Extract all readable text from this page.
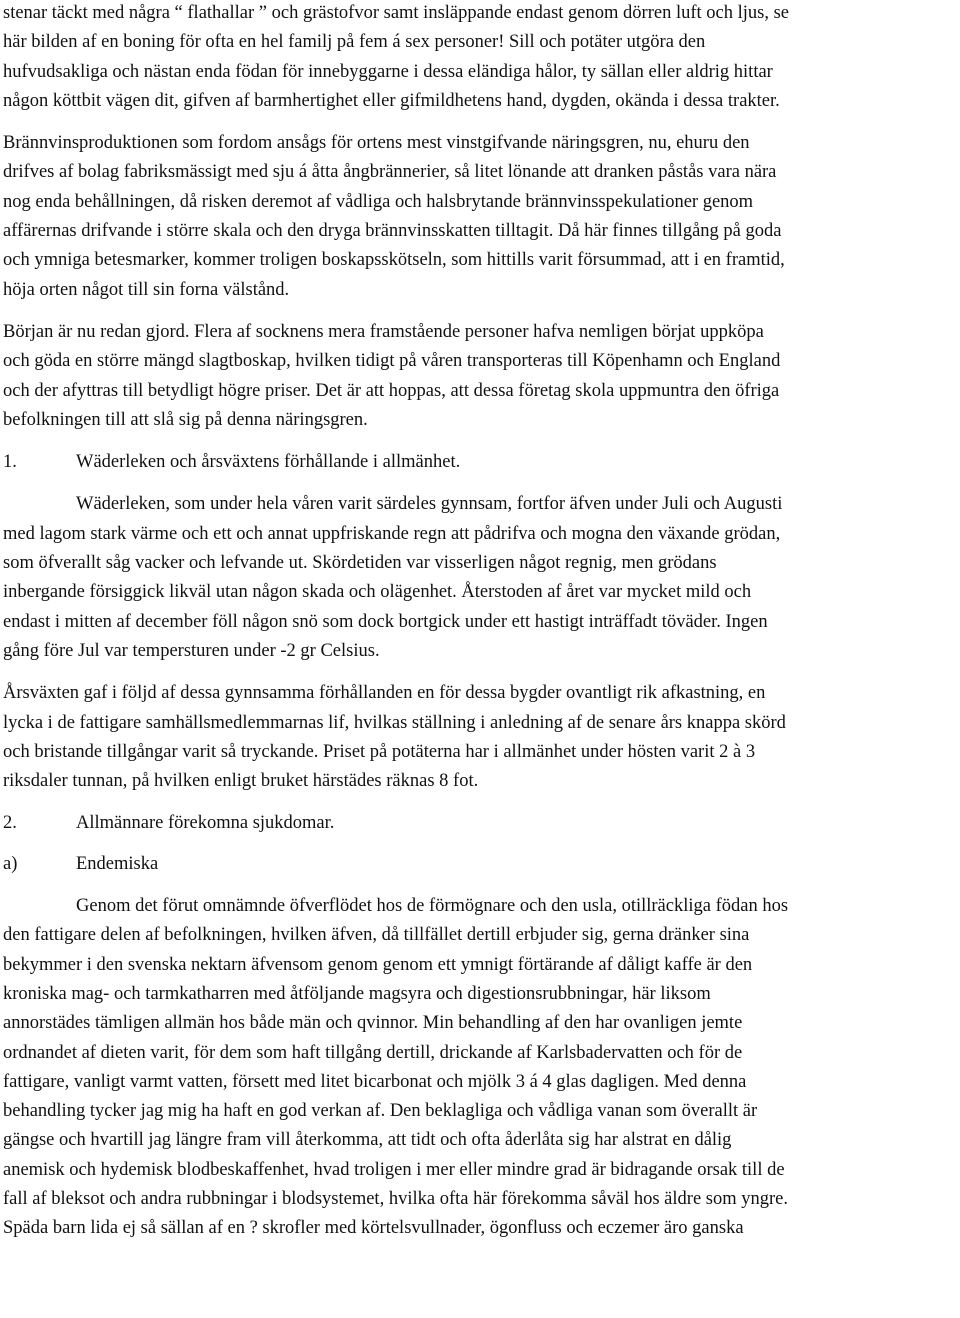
stenar täckt med några “ flathallar ” och grästofvor samt insläppande endast genom dörren luft och ljus, se
här bilden af en boning för ofta en hel familj på fem á sex personer! Sill och potäter utgöra den
hufvudsakliga och nästan enda födan för innebyggarne i dessa eländiga hålor, ty sällan eller aldrig hittar
någon köttbit vägen dit, gifven af barmhertighet eller gifmildhetens hand, dygden, okända i dessa trakter.
Brännvinsproduktionen som fordom ansågs för ortens mest vinstgifvande näringsgren, nu, ehuru den
drifves af bolag fabriksmässigt med sju á åtta ångbrännerier, så litet lönande att dranken påstås vara nära
nog enda behållningen, då risken deremot af vådliga och halsbrytande brännvinsspekulationer genom
affärernas drifvande i större skala och den dryga brännvinsskatten tilltagit. Då här finnes tillgång på goda
och ymniga betesmarker, kommer troligen boskapsskötseln, som hittills varit försummad, att i en framtid,
höja orten något till sin forna välstånd.
Början är nu redan gjord. Flera af socknens mera framstående personer hafva nemligen börjat uppköpa
och göda en större mängd slagtboskap, hvilken tidigt på våren transporteras till Köpenhamn och England
och der afyttras till betydligt högre priser. Det är att hoppas, att dessa företag skola uppmuntra den öfriga
befolkningen till att slå sig på denna näringsgren.
1.	Wäderleken och årsväxtens förhållande i allmänhet.
Wäderleken, som under hela våren varit särdeles gynnsam, fortfor äfven under Juli och Augusti
med lagom stark värme och ett och annat uppfriskande regn att pådrifva och mogna den växande grödan,
som öfverallt såg vacker och lefvande ut. Skördetiden var visserligen något regnig, men grödans
inbergande försiggick likväl utan någon skada och olägenhet. Återstoden af året var mycket mild och
endast i mitten af december föll någon snö som dock bortgick under ett hastigt inträffadt töväder. Ingen
gång före Jul var tempersturen under -2 gr Celsius.
Årsväxten gaf i följd af dessa gynnsamma förhållanden en för dessa bygder ovantligt rik afkastning, en
lycka i de fattigare samhällsmedlemmarnas lif, hvilkas ställning i anledning af de senare års knappa skörd
och bristande tillgångar varit så tryckande. Priset på potäterna har i allmänhet under hösten varit 2 à 3
riksdaler tunnan, på hvilken enligt bruket härstädes räknas 8 fot.
2.	Allmännare förekomna sjukdomar.
a)	Endemiska
Genom det förut omnämnde öfverflödet hos de förmögnare och den usla, otillräckliga födan hos
den fattigare delen af befolkningen, hvilken äfven, då tillfället dertill erbjuder sig, gerna dränker sina
bekymmer i den svenska nektarn äfvensom genom genom ett ymnigt förtärande af dåligt kaffe är den
kroniska mag- och tarmkatharren med åtföljande magsyra och digestionsrubbningar, här liksom
annorstädes tämligen allmän hos både män och qvinnor. Min behandling af den har ovanligen jemte
ordnandet af dieten varit, för dem som haft tillgång dertill, drickande af Karlsbadervatten och för de
fattigare, vanligt varmt vatten, försett med litet bicarbonat och mjölk 3 á 4 glas dagligen. Med denna
behandling tycker jag mig ha haft en god verkan af. Den beklagliga och vådliga vanan som överallt är
gängse och hvartill jag längre fram vill återkomma, att tidt och ofta åderlåta sig har alstrat en dålig
anemisk och hydemisk blodbeskaffenhet, hvad troligen i mer eller mindre grad är bidragande orsak till de
fall af bleksot och andra rubbningar i blodsystemet, hvilka ofta här förekomma såväl hos äldre som yngre.
Späda barn lida ej så sällan af en ? skrofler med körtelsvullnader, ögonfluss och eczemer äro ganska
